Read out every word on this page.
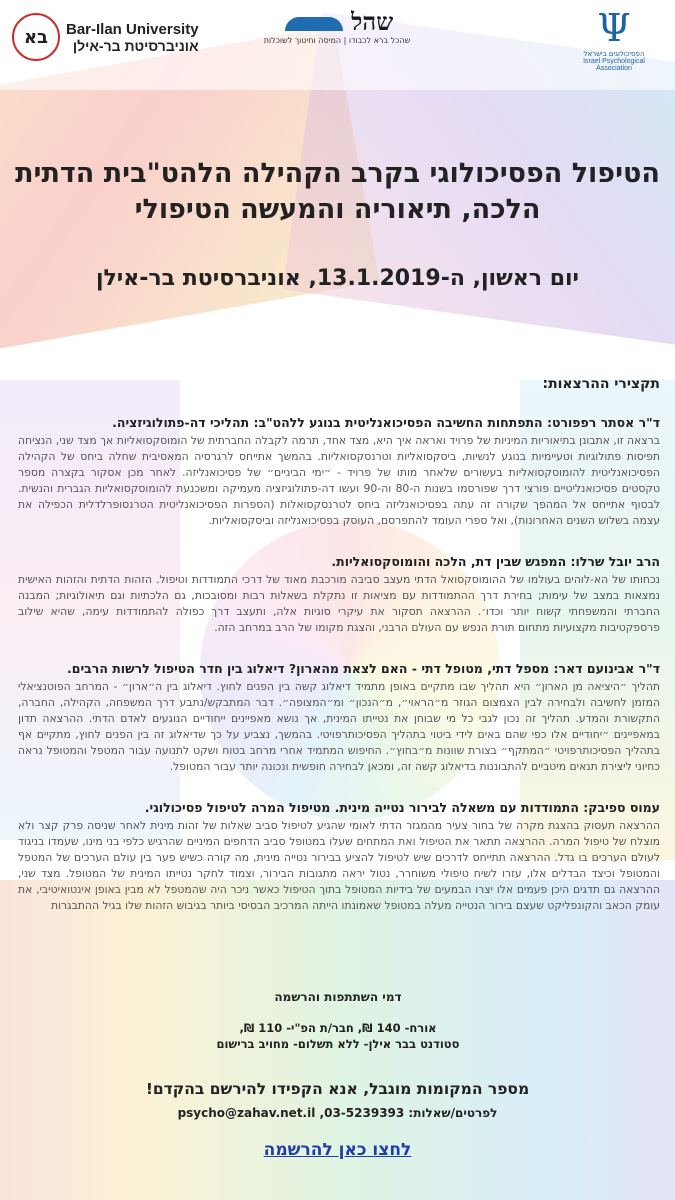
בא	Bar-Ilan University
אוניברסיטת בר-אילן
שהל
שהכל ברא לכבודו | המיסה וחיטוך לשוכלות	Ψ
הפסיכולוגים בישראל
Israel Psychological Association
הטיפול הפסיכולוגי בקרב הקהילה הלהט"בית הדתית
הלכה, תיאוריה והמעשה הטיפולי
יום ראשון, ה-13.1.2019, אוניברסיטת בר-אילן
תקצירי ההרצאות:
ד"ר אסתר רפפורט: התפתחות החשיבה הפסיכואנליטית בנוגע ללהט"ב: תהליכי דה-פתולוגיזציה.
ברצאה זו, אתבונן בתיאוריות המיניות של פרויד ואראה איך היא, מצד אחד, תרמה לקבלה החברתית של הומוסקסואליות אך מצד שני, הנציחה תפיסות פתולוגיות וטעיימיות בנוגע לנשיות, ביסקסואליות וטרנסקסואליות. בהמשך אתייחס לרגרסיה המאסיבית שחלה ביחס של הקהילה הפסיכואנליטית להומוסקסואליות בעשורים שלאחר מותו של פרויד - ״ימי הביניים״ של פסיכואנליזה. לאחר מכן אסקור בקצרה מספר טקסטים פסיכואנליטיים פורצי דרך שפורסמו בשנות ה-80 וה-90 ועשו דה-פתולוגיזציה מעמיקה ומשכנעת להומוסקסואליות הגברית והנשית. לבסוף אתייחס אל המהפך שקורה זה עתה בפסיכואנליזה ביחס לטרנסקסואלות (הספרות הפסיכואנליטית הטרנסופרלדלית הכפילה את עצמה בשלוש השנים האחרונות), ואל ספרי העומד להתפרסם, העוסק בפסיכואנליזה וביסקסואליות.
הרב יובל שרלו: המפגש שבין דת, הלכה והומוסקסואליות.
נכחותו של הא-לוהים בעולמו של ההומוסקסואל הדתי מעצב סביבה מורכבת מאוד של דרכי התמודדות וטיפול. הזהות הדתית והזהות האישית נמצאות במצב של עימות; בחירת דרך ההתמודדות עם מציאות זו נתקלת בשאלות רבות ומסובכות, גם הלכתיות וגם תיאולוגיות; המבנה החברתי והמשפחתי קשוח יותר וכדו׳. ההרצאה תסקור את עיקרי סוגיות אלה, ותעצב דרך כפולה להתמודדות עימה, שהיא שילוב פרספקטיבות מקצועיות מתחום תורת הנפש עם העולם הרבני, והצגת מקומו של הרב במרחב הזה.
ד"ר אבינועם דאר: מספל דתי, מטופל דתי - האם לצאת מהארון? דיאלוג בין חדר הטיפול לרשות הרבים.
תהליך ״היציאה מן הארון״ היא תהליך שבו מתקיים באופן מתמיד דיאלוג קשה בין הפנים לחוץ. דיאלוג בין ה״ארון״ - המרחב הפוטנציאלי המזמן לחשיבה ולבחירה לבין הצמצום הגוזר מ״הראוי״, מ״הנכון״ ומ״המצופה״. דבר המתבקש/נתבע דרך המשפחה, הקהילה, החברה, התקשורת והמדע. תהליך זה נכון לגבי כל מי שבוחן את נטייתו המינית, אך נושא מאפיינים ייחודיים הנוגעים לאדם הדתי. ההרצאה תדון במאפיינים ״יחודיים אלו כפי שהם באים לידי ביטוי בתהליך הפסיכותרפויטי. בהמשך, נצביע על כך שדיאלוג זה בין הפנים לחוץ, מתקיים אף בתהליך הפסיכותרפויטי ״המתקף״ בצורת שוונות מ״בחוץ״. החיפוש המתמיד אחרי מרחב בטוח ושקט לתנועה עבור המטפל והמטופל נראה כחיוני ליצירת תנאים מיטביים להתבוננות בדיאלוג קשה זה, ומכאן לבחירה חופשית ונכונה יותר עבור המטופל.
עמוס ספיבק: התמודדות עם משאלה לבירור נטייה מינית. מטיפול המרה לטיפול פסיכולוגי.
ההרצאה תעסוק בהצגת מקרה של בחור צעיר מהמגזר הדתי לאומי שהגיע לטיפול סביב שאלות של זהות מינית לאחר שניסה פרק קצר ולא מוצלח של טיפול המרה. ההרצאה תתאר את הטיפול ואת המתחים שעלו במטופל סביב הדחפים המיניים שהרגיש כלפי בני מינו, שעמדו בניגוד לעולם הערכים בו גדל. ההרצאה תתייחס לדרכים שיש לטיפול להציע בבירור נטייה מינית, מה קורה כשיש פער בין עולם הערכים של המטפל והמטופל וכיצד הבדלים אלו, עזרו לשיח טיפולי משוחרר, נטול יראה מתגובות הבירור, וצמוד לחקר נטייתו המינית של המטופל. מצד שני, ההרצאה גם תדגים היכן פעמים אלו יצרו הבמעים של בידיות המטופל בתוך הטיפול כאשר ניכר היה שהמטפל לא מבין באופן אינטואיטיבי, את עומק הכאב והקונפליקט שעצם בירור הנטייה מעלה במטופל שאמונתו הייתה המרכיב הבסיסי ביותר בגיבוש הזהות שלו בגיל ההתבגרות
דמי השתתפות והרשמה
אורח- 140 ₪, חבר/ת הפ"י- 110 ₪,
סטודנט בבר אילן- ללא תשלום- מחויב ברישום
מספר המקומות מוגבל, אנא הקפידו להירשם בהקדם!
לפרטים/שאלות: 03-5239393, psycho@zahav.net.il
לחצו כאן להרשמה
